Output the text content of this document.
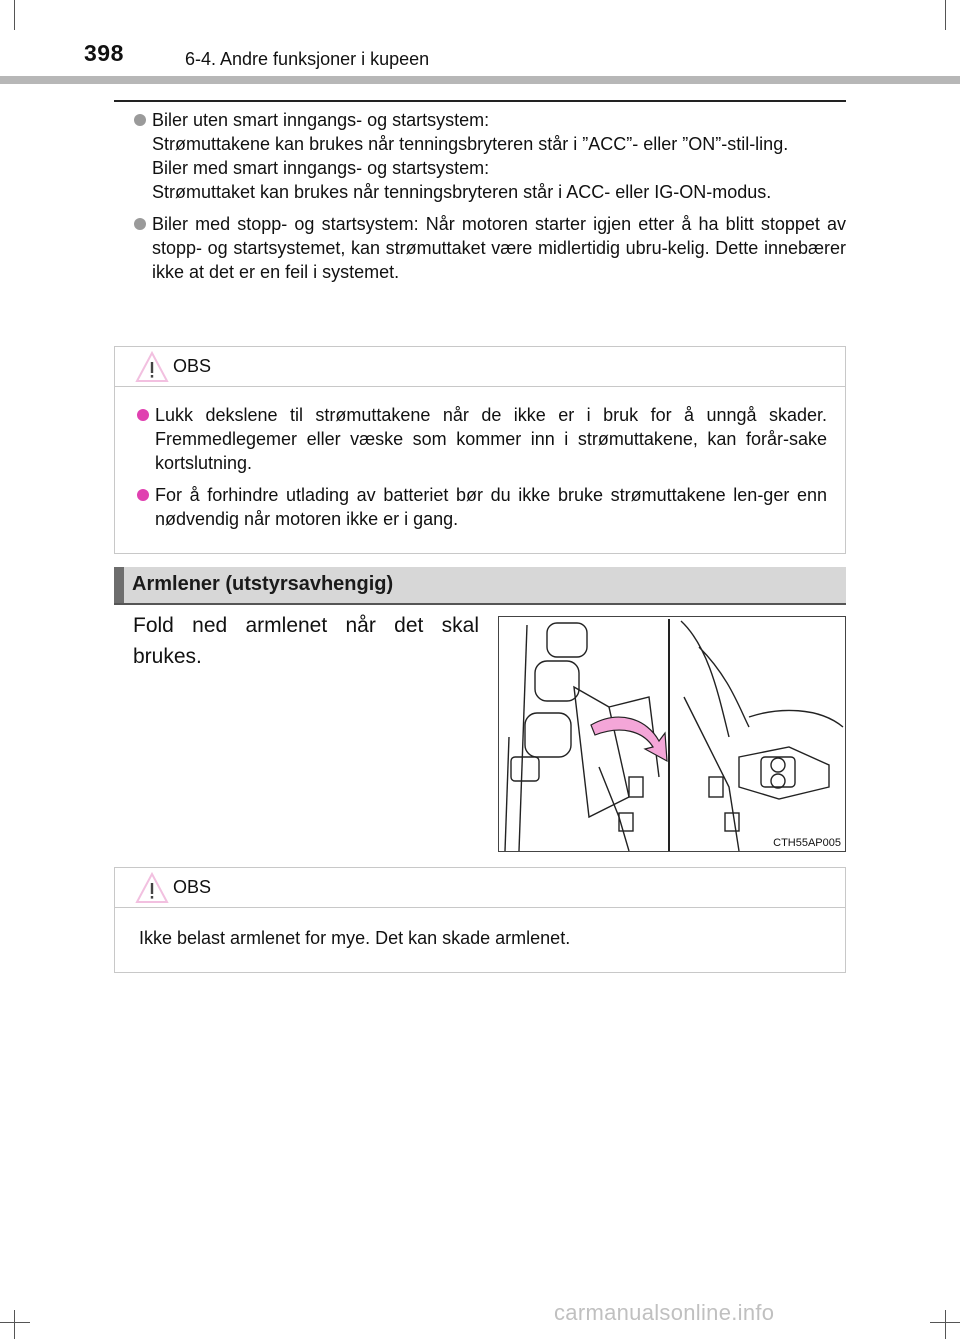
398	6-4. Andre funksjoner i kupeen

Biler uten smart inngangs- og startsystem:

Strømuttakene kan brukes når tenningsbryteren står i ”ACC”- eller ”ON”-stil-ling.

Biler med smart inngangs- og startsystem:

Strømuttaket kan brukes når tenningsbryteren står i ACC- eller IG-ON-modus.

Biler med stopp- og startsystem: Når motoren starter igjen etter å ha blitt stoppet av stopp- og startsystemet, kan strømuttaket være midlertidig ubru-kelig. Dette innebærer ikke at det er en feil i systemet.

OBS

Lukk dekslene til strømuttakene når de ikke er i bruk for å unngå skader. Fremmedlegemer eller væske som kommer inn i strømuttakene, kan forår-sake kortslutning.

For å forhindre utlading av batteriet bør du ikke bruke strømuttakene len-ger enn nødvendig når motoren ikke er i gang.

Armlener (utstyrsavhengig)
Fold ned armlenet når det skal brukes.
CTH55AP005
OBS

Ikke belast armlenet for mye. Det kan skade armlenet.

carmanualsonline.info
